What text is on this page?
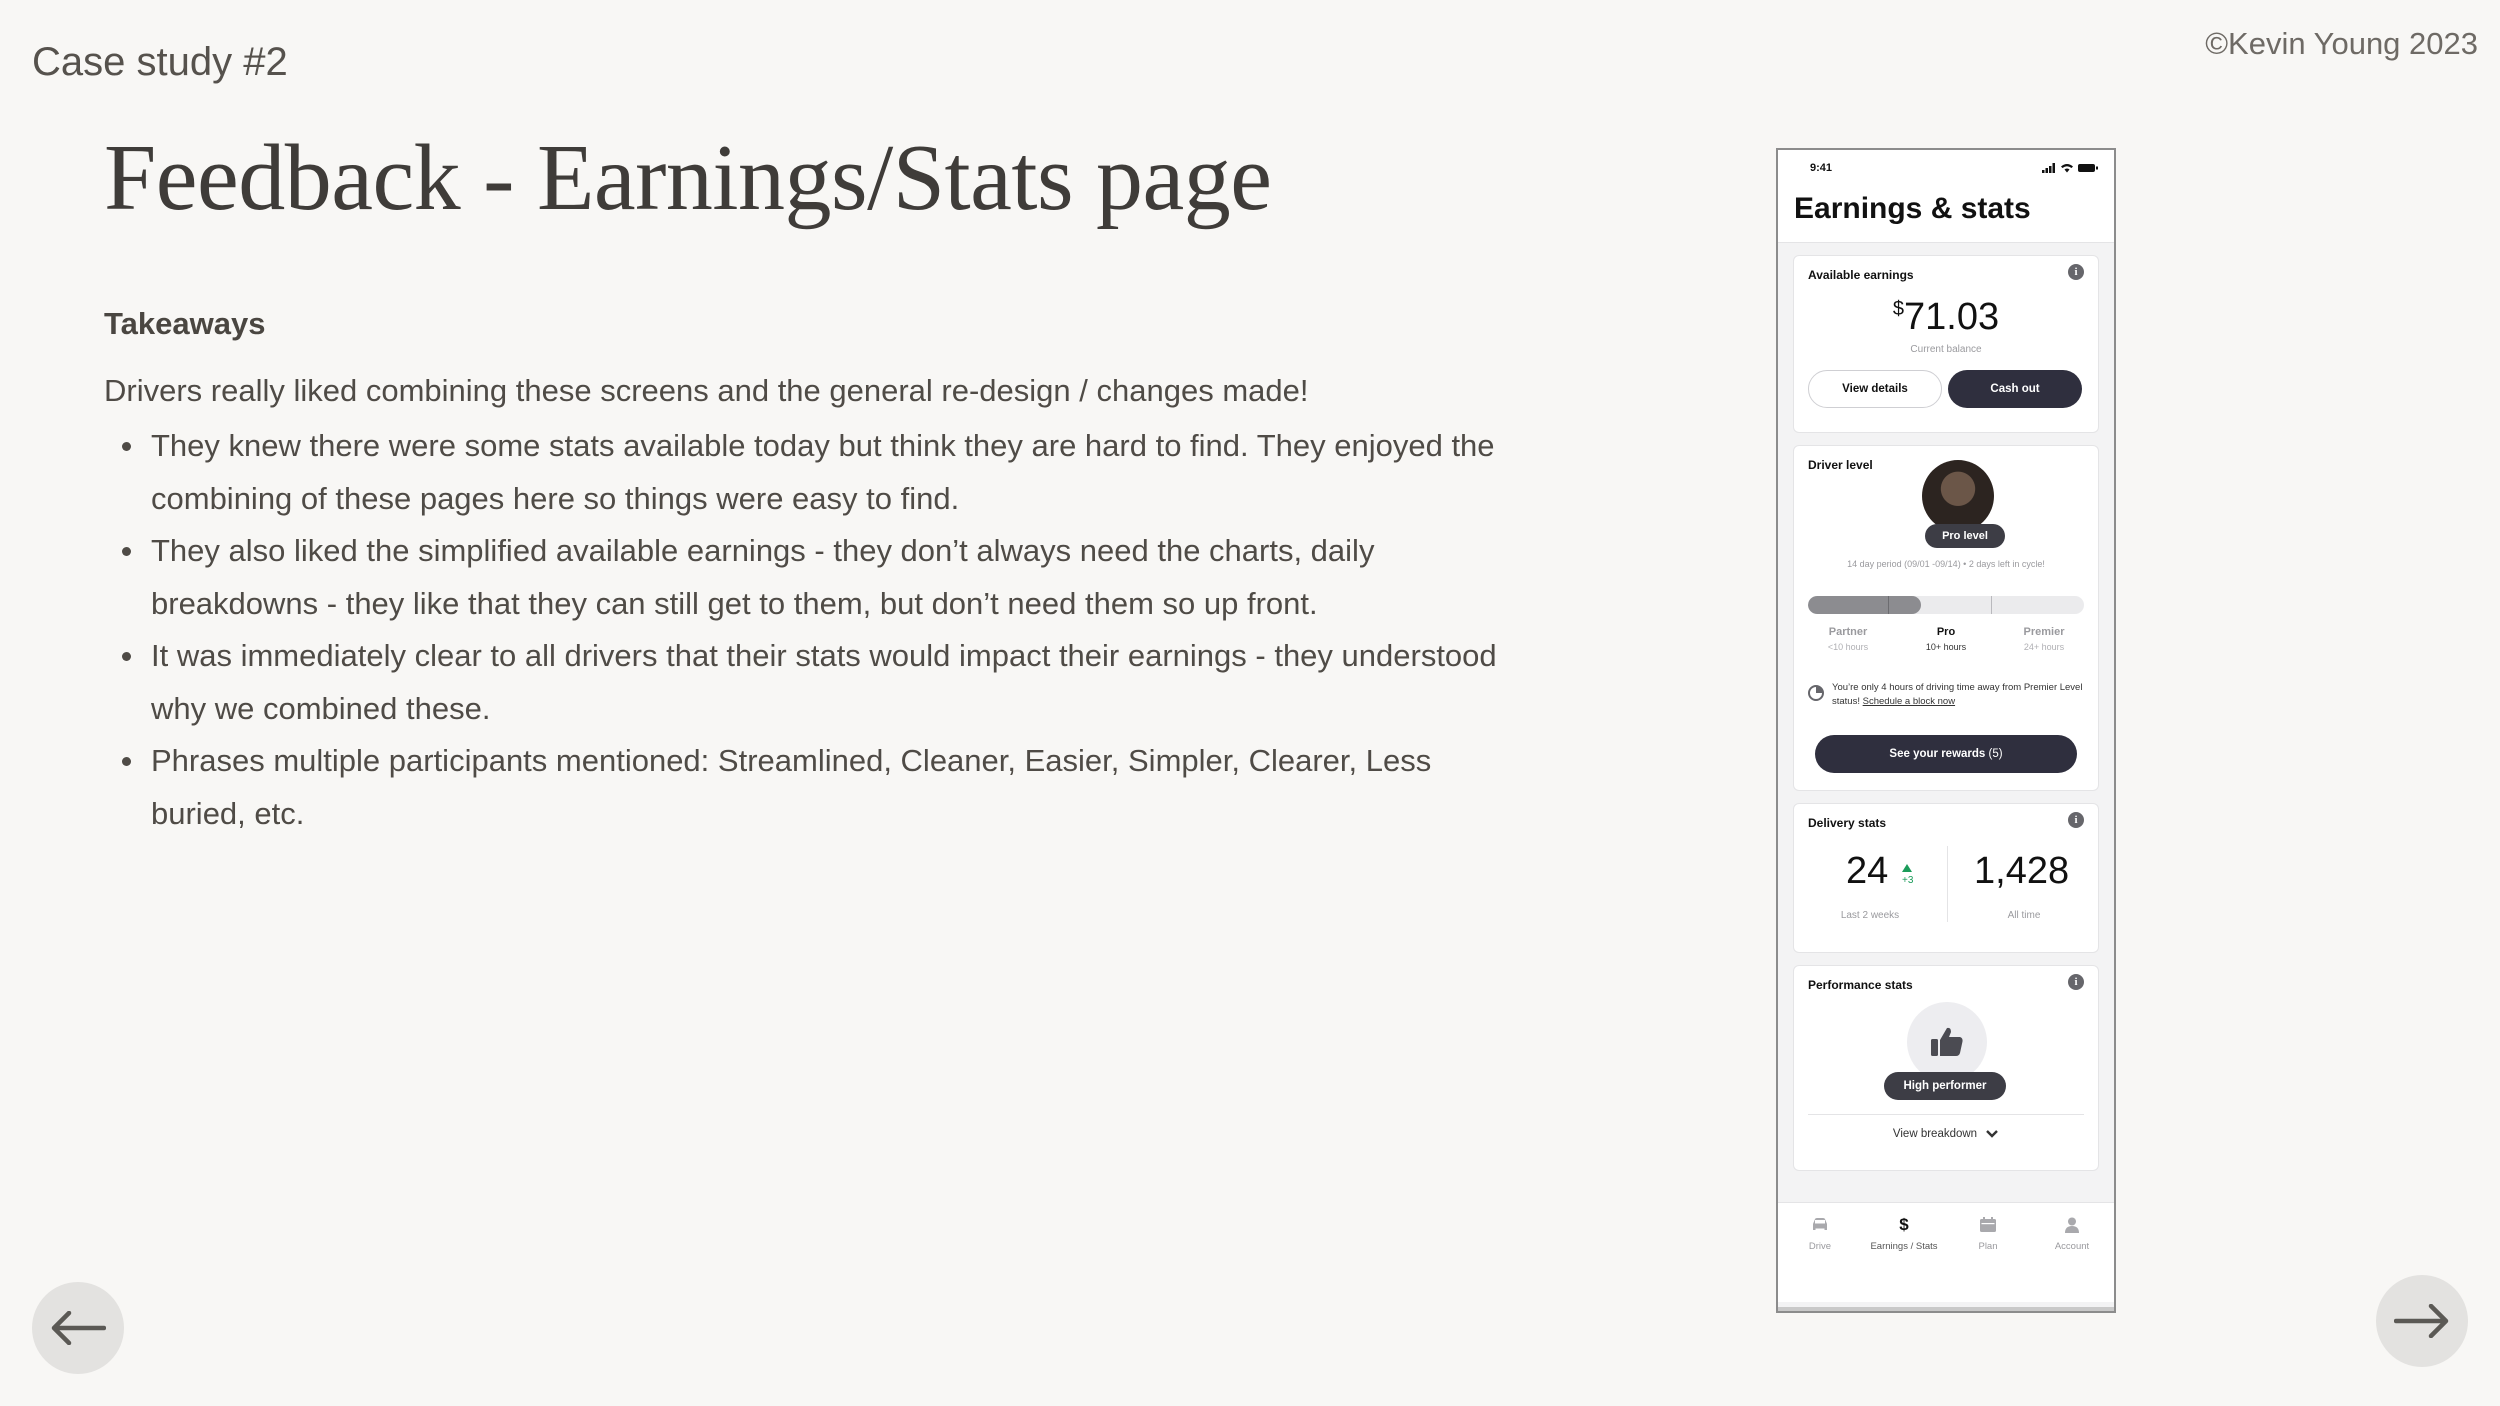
Case study #2	©Kevin Young 2023
Feedback - Earnings/Stats page
Takeaways
Drivers really liked combining these screens and the general re-design / changes made!
They knew there were some stats available today but think they are hard to find. They enjoyed the combining of these pages here so things were easy to find.
They also liked the simplified available earnings - they don’t always need the charts, daily breakdowns - they like that they can still get to them, but don’t need them so up front.
It was immediately clear to all drivers that their stats would impact their earnings - they understood why we combined these.
Phrases multiple participants mentioned: Streamlined, Cleaner, Easier, Simpler, Clearer, Less buried, etc.
9:41
Earnings & stats
Available earnings	i
$71.03
Current balance
View details	Cash out
Driver level
Pro level
14 day period (09/01 -09/14) • 2 days left in cycle!
Partner
<10 hours
Pro
10+ hours
Premier
24+ hours
You’re only 4 hours of driving time away from Premier Level status! Schedule a block now
See your rewards
(5)
Delivery stats	i
24 +3
Last 2 weeks
1,428
All time
Performance stats	i
High performer
View breakdown
Drive
$
Earnings / Stats	Plan	Account
